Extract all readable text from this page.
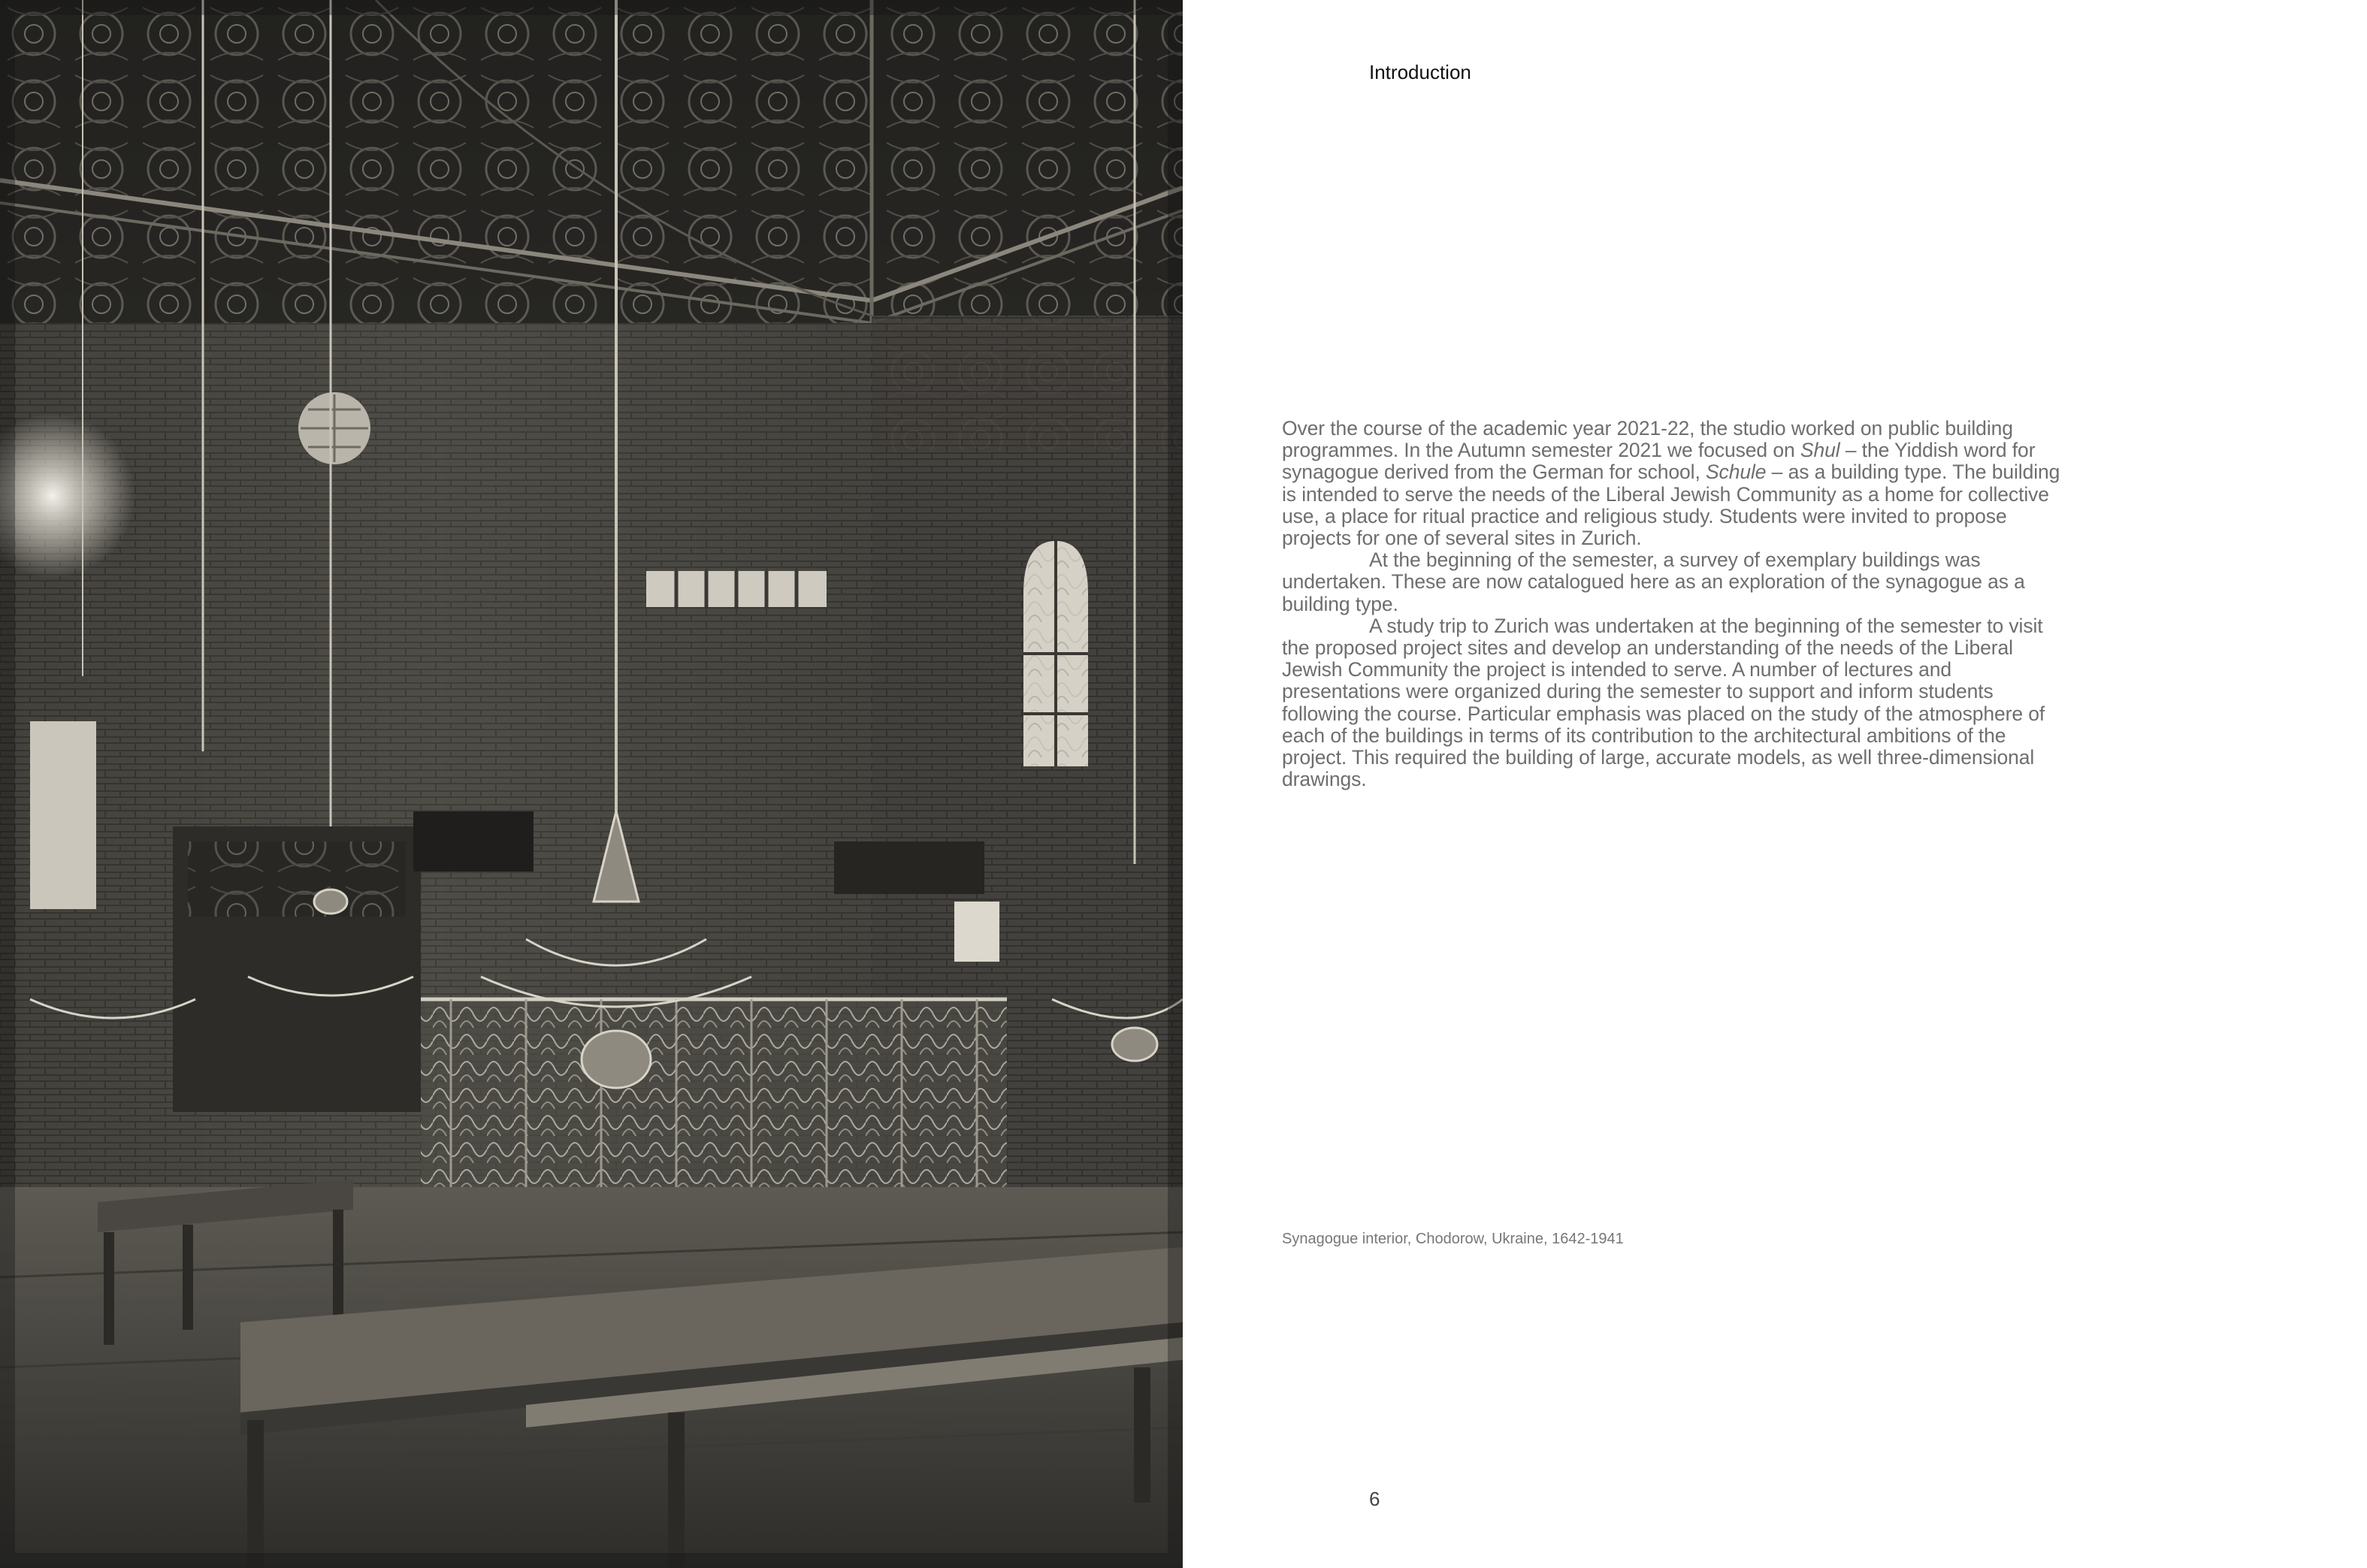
Introduction

Over the course of the academic year 2021-22, the studio worked on public building programmes. In the Autumn semester 2021 we focused on Shul – the Yiddish word for synagogue derived from the German for school, Schule – as a building type. The building is intended to serve the needs of the Liberal Jewish Community as a home for collective use, a place for ritual practice and religious study. Students were invited to propose projects for one of several sites in Zurich.

At the beginning of the semester, a survey of exemplary buildings was undertaken. These are now catalogued here as an exploration of the synagogue as a building type.

A study trip to Zurich was undertaken at the beginning of the semester to visit the proposed project sites and develop an understanding of the needs of the Liberal Jewish Community the project is intended to serve. A number of lectures and presentations were organized during the semester to support and inform students following the course. Particular emphasis was placed on the study of the atmosphere of each of the buildings in terms of its contribution to the architectural ambitions of the project. This required the building of large, accurate models, as well three-dimensional drawings.

Synagogue interior, Chodorow, Ukraine, 1642-1941
6
